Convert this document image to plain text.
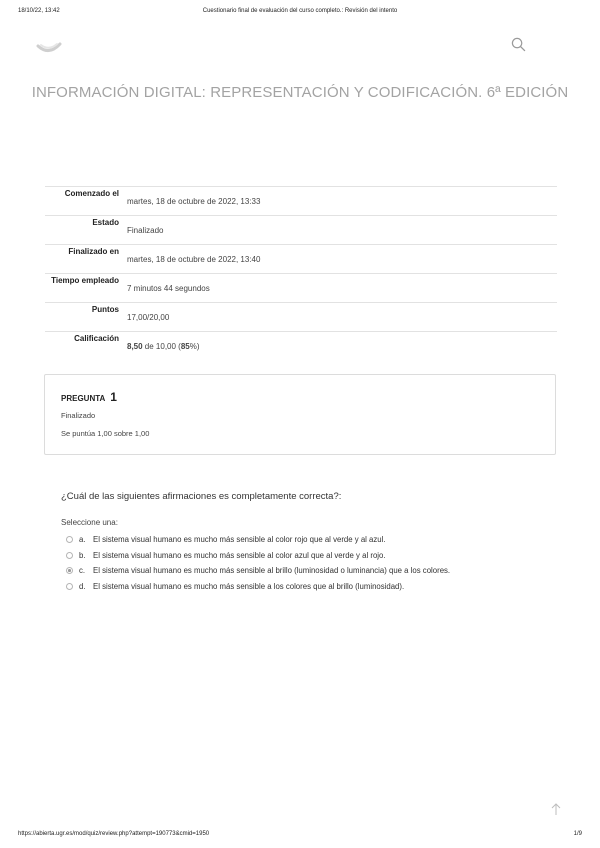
18/10/22, 13:42	Cuestionario final de evaluación del curso completo.: Revisión del intento
INFORMACIÓN DIGITAL: REPRESENTACIÓN Y CODIFICACIÓN. 6ª EDICIÓN
Comenzado el	martes, 18 de octubre de 2022, 13:33
Estado	Finalizado
Finalizado en	martes, 18 de octubre de 2022, 13:40
Tiempo empleado	7 minutos 44 segundos
Puntos	17,00/20,00
Calificación	8,50 de 10,00 (85%)
PREGUNTA 1
Finalizado
Se puntúa 1,00 sobre 1,00
¿Cuál de las siguientes afirmaciones es completamente correcta?:
Seleccione una:
a. El sistema visual humano es mucho más sensible al color rojo que al verde y al azul.
b. El sistema visual humano es mucho más sensible al color azul que al verde y al rojo.
c.	El sistema visual humano es mucho más sensible al brillo (luminosidad o luminancia) que a los colores.
d. El sistema visual humano es mucho más sensible a los colores que al brillo (luminosidad).
https://abierta.ugr.es/mod/quiz/review.php?attempt=190773&cmid=1950	1/9
